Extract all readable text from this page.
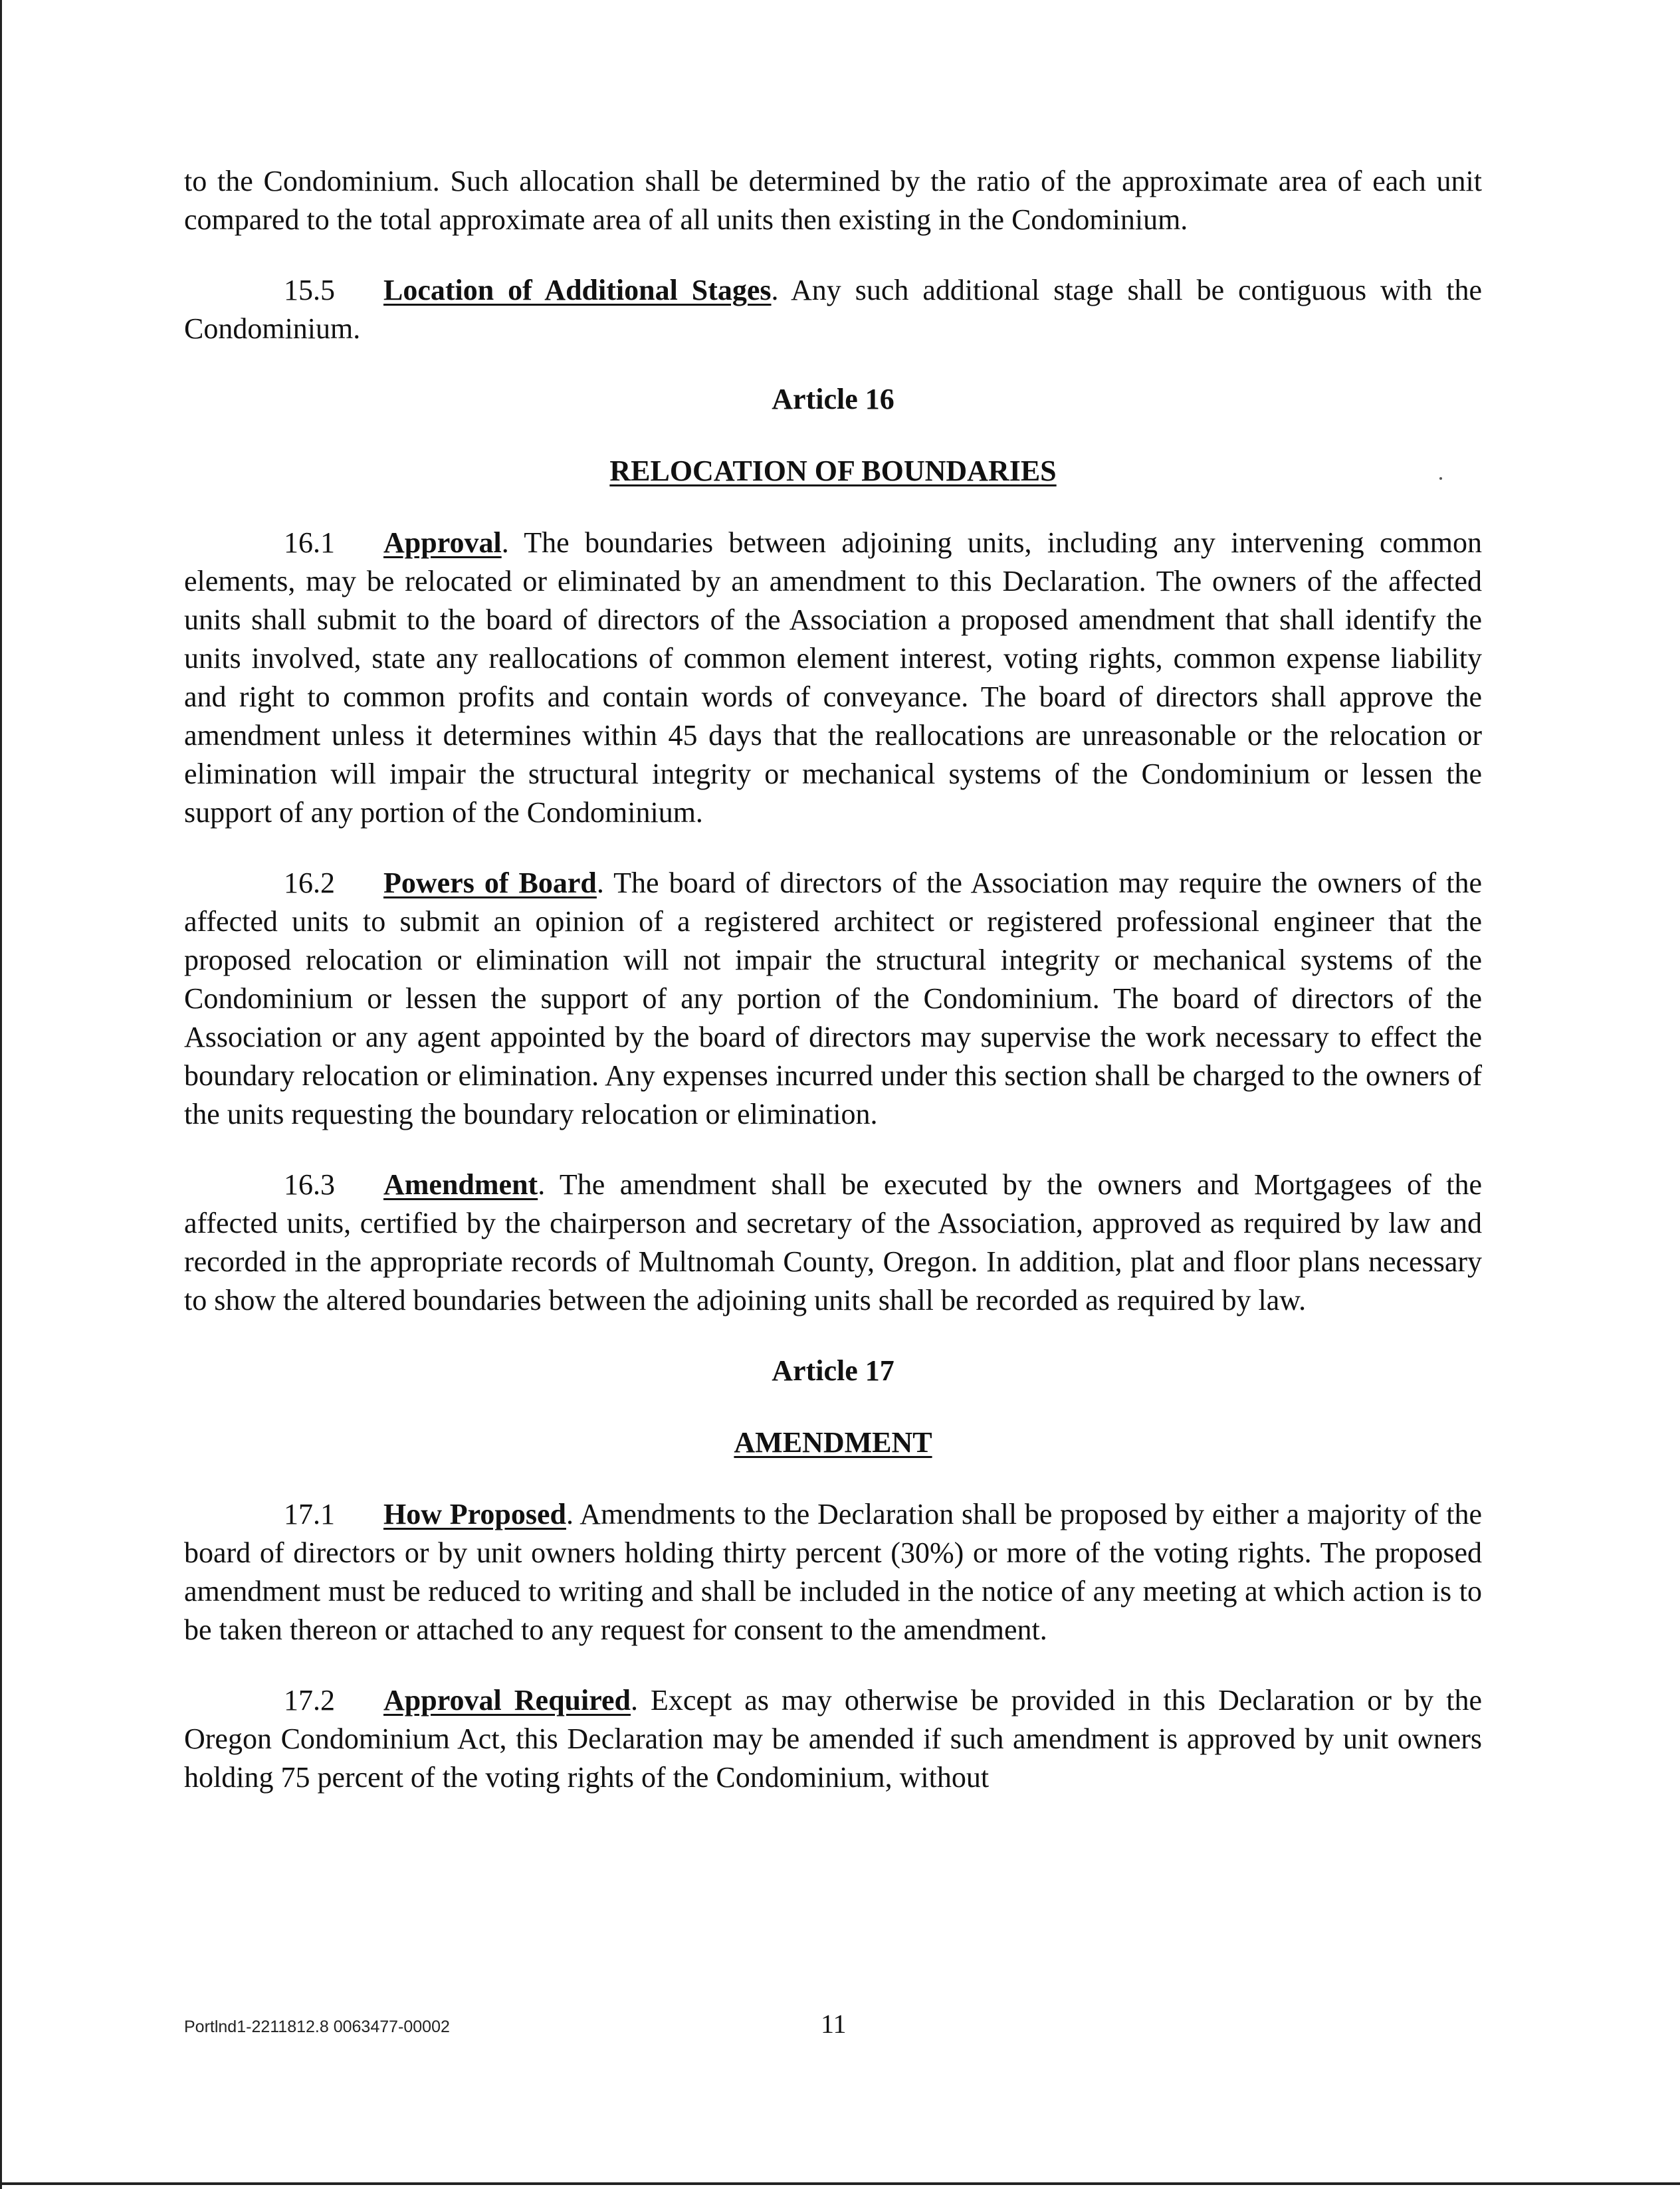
to the Condominium. Such allocation shall be determined by the ratio of the approximate area of each unit compared to the total approximate area of all units then existing in the Condominium.

15.5 Location of Additional Stages. Any such additional stage shall be contiguous with the Condominium.

Article 16
RELOCATION OF BOUNDARIES

16.1 Approval. The boundaries between adjoining units, including any intervening common elements, may be relocated or eliminated by an amendment to this Declaration. The owners of the affected units shall submit to the board of directors of the Association a proposed amendment that shall identify the units involved, state any reallocations of common element interest, voting rights, common expense liability and right to common profits and contain words of conveyance. The board of directors shall approve the amendment unless it determines within 45 days that the reallocations are unreasonable or the relocation or elimination will impair the structural integrity or mechanical systems of the Condominium or lessen the support of any portion of the Condominium.

16.2 Powers of Board. The board of directors of the Association may require the owners of the affected units to submit an opinion of a registered architect or registered professional engineer that the proposed relocation or elimination will not impair the structural integrity or mechanical systems of the Condominium or lessen the support of any portion of the Condominium. The board of directors of the Association or any agent appointed by the board of directors may supervise the work necessary to effect the boundary relocation or elimination. Any expenses incurred under this section shall be charged to the owners of the units requesting the boundary relocation or elimination.

16.3 Amendment. The amendment shall be executed by the owners and Mortgagees of the affected units, certified by the chairperson and secretary of the Association, approved as required by law and recorded in the appropriate records of Multnomah County, Oregon. In addition, plat and floor plans necessary to show the altered boundaries between the adjoining units shall be recorded as required by law.

Article 17
AMENDMENT

17.1 How Proposed. Amendments to the Declaration shall be proposed by either a majority of the board of directors or by unit owners holding thirty percent (30%) or more of the voting rights. The proposed amendment must be reduced to writing and shall be included in the notice of any meeting at which action is to be taken thereon or attached to any request for consent to the amendment.

17.2 Approval Required. Except as may otherwise be provided in this Declaration or by the Oregon Condominium Act, this Declaration may be amended if such amendment is approved by unit owners holding 75 percent of the voting rights of the Condominium, without

Portlnd1-2211812.8 0063477-00002	11
